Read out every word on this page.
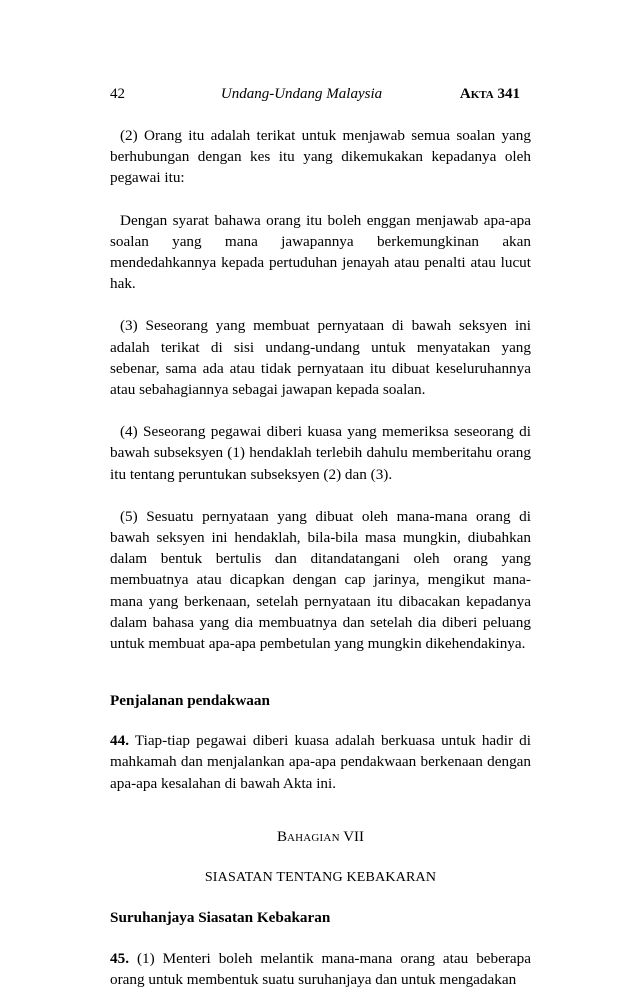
42	Undang-Undang Malaysia	AKTA 341

(2) Orang itu adalah terikat untuk menjawab semua soalan yang berhubungan dengan kes itu yang dikemukakan kepadanya oleh pegawai itu:

Dengan syarat bahawa orang itu boleh enggan menjawab apa-apa soalan yang mana jawapannya berkemungkinan akan mendedahkannya kepada pertuduhan jenayah atau penalti atau lucut hak.

(3) Seseorang yang membuat pernyataan di bawah seksyen ini adalah terikat di sisi undang-undang untuk menyatakan yang sebenar, sama ada atau tidak pernyataan itu dibuat keseluruhannya atau sebahagiannya sebagai jawapan kepada soalan.

(4) Seseorang pegawai diberi kuasa yang memeriksa seseorang di bawah subseksyen (1) hendaklah terlebih dahulu memberitahu orang itu tentang peruntukan subseksyen (2) dan (3).

(5) Sesuatu pernyataan yang dibuat oleh mana-mana orang di bawah seksyen ini hendaklah, bila-bila masa mungkin, diubahkan dalam bentuk bertulis dan ditandatangani oleh orang yang membuatnya atau dicapkan dengan cap jarinya, mengikut mana-mana yang berkenaan, setelah pernyataan itu dibacakan kepadanya dalam bahasa yang dia membuatnya dan setelah dia diberi peluang untuk membuat apa-apa pembetulan yang mungkin dikehendakinya.

Penjalanan pendakwaan

44. Tiap-tiap pegawai diberi kuasa adalah berkuasa untuk hadir di mahkamah dan menjalankan apa-apa pendakwaan berkenaan dengan apa-apa kesalahan di bawah Akta ini.

BAHAGIAN VII

SIASATAN TENTANG KEBAKARAN

Suruhanjaya Siasatan Kebakaran

45. (1) Menteri boleh melantik mana-mana orang atau beberapa orang untuk membentuk suatu suruhanjaya dan untuk mengadakan
